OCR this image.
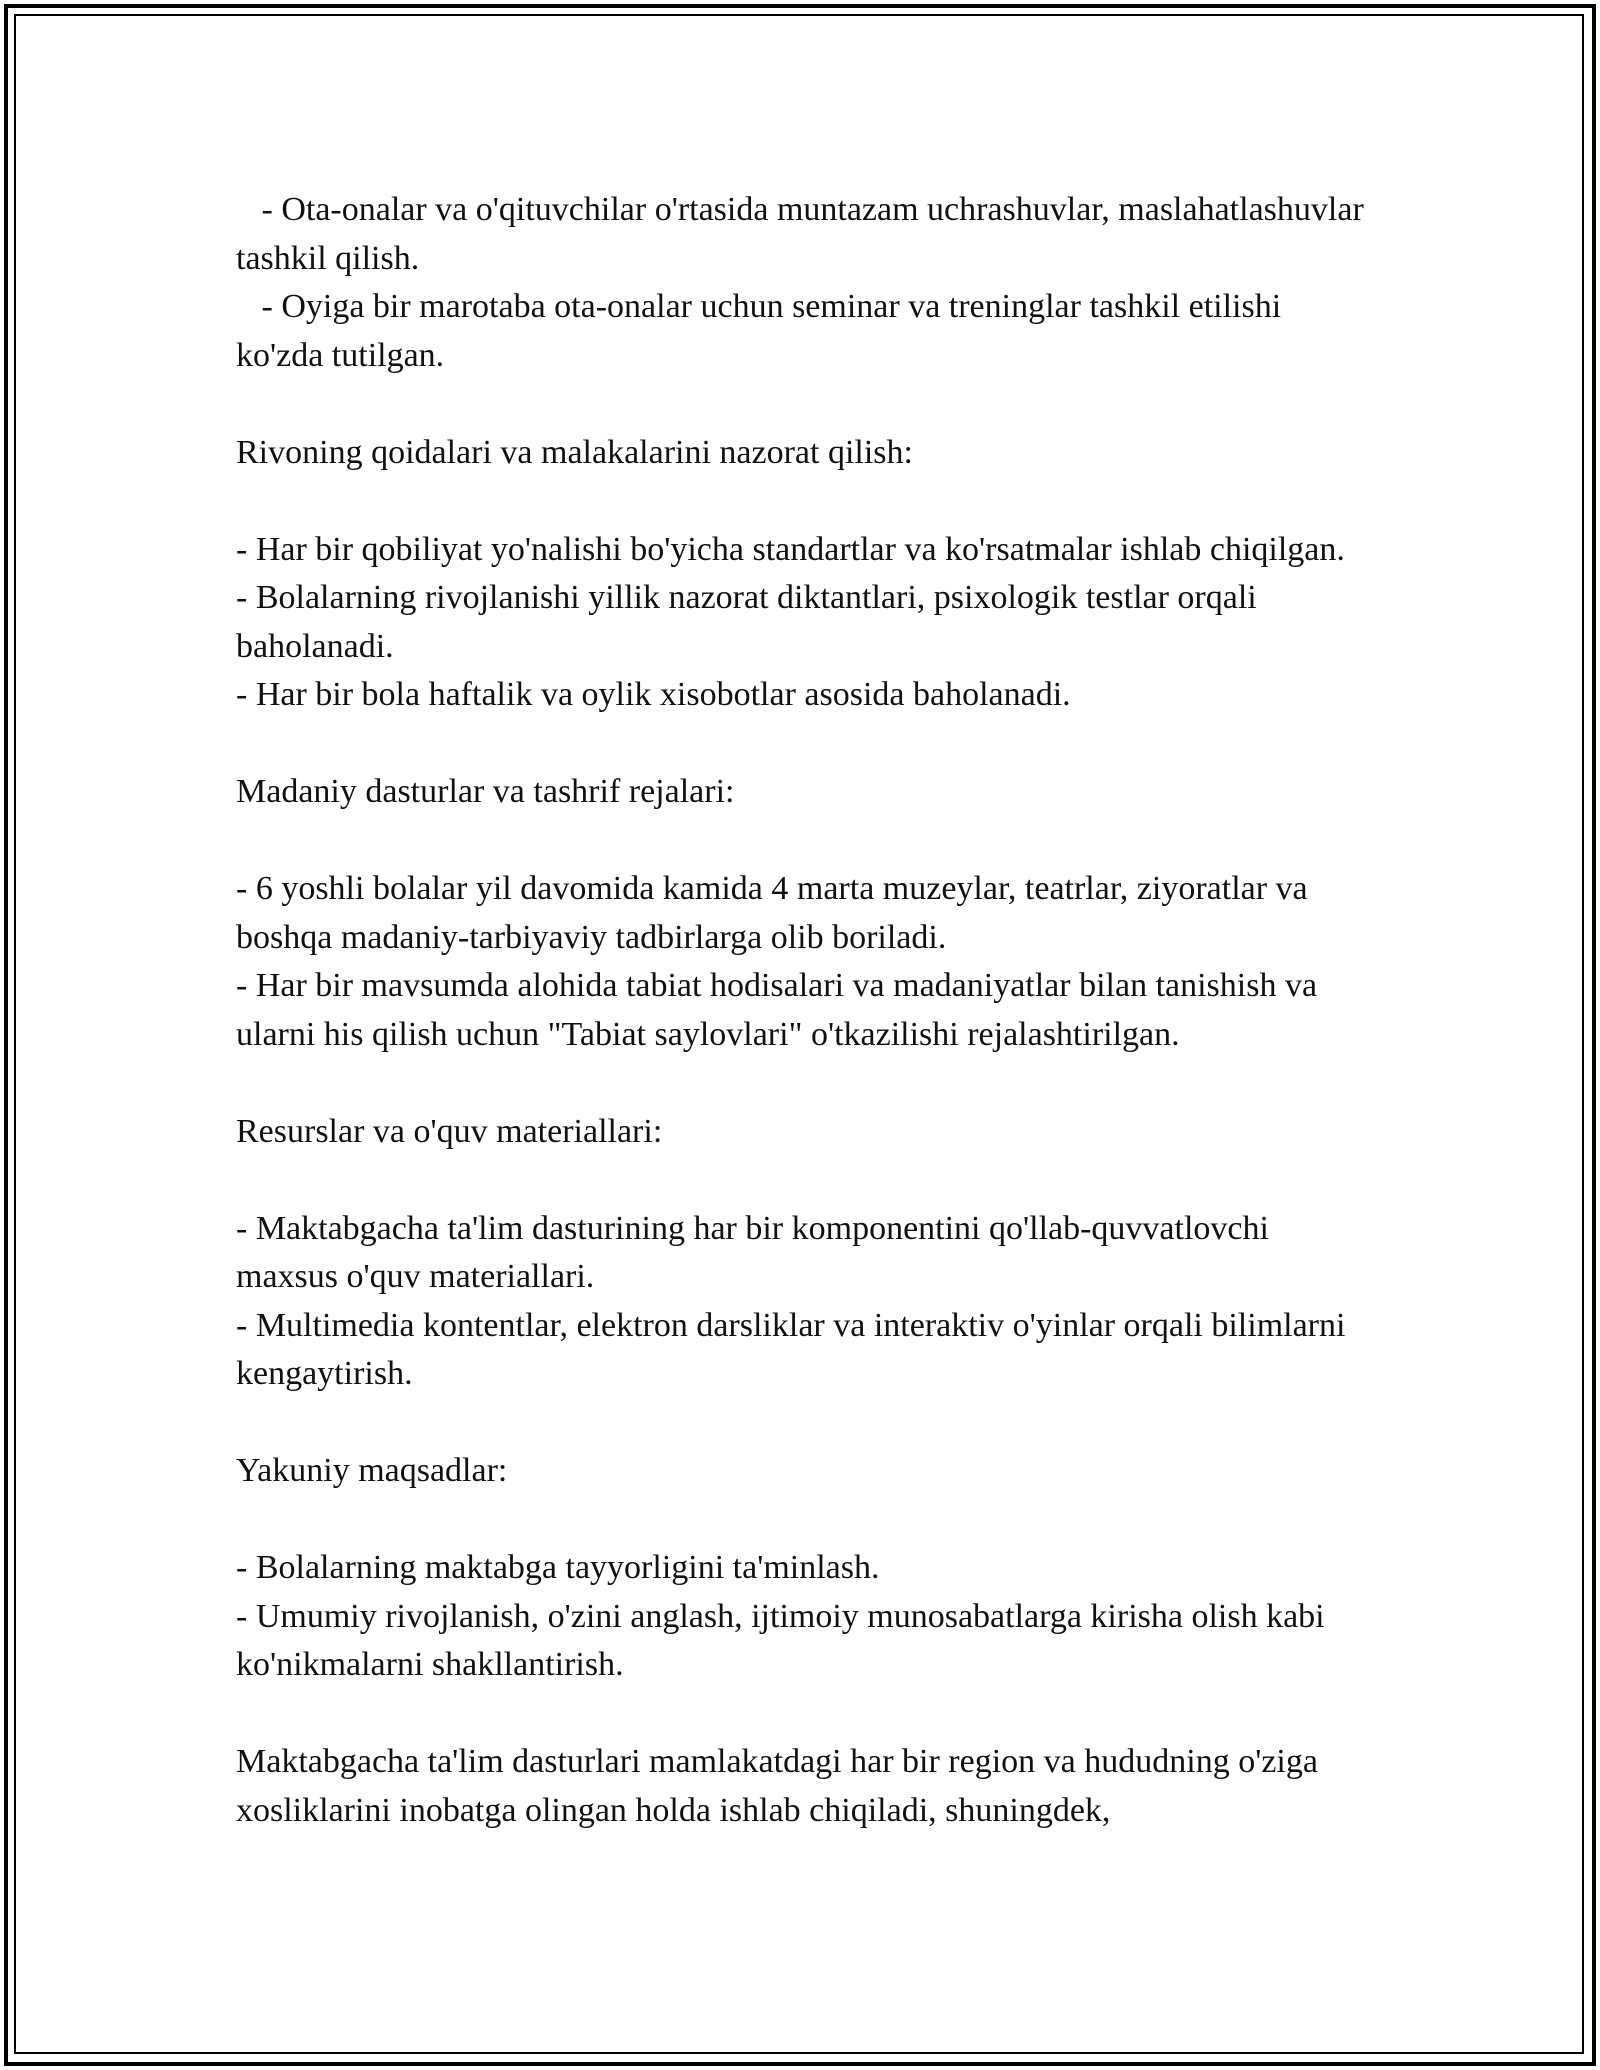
- Ota-onalar va o'qituvchilar o'rtasida muntazam uchrashuvlar, maslahatlashuvlar tashkil qilish.

- Oyiga bir marotaba ota-onalar uchun seminar va treninglar tashkil etilishi ko'zda tutilgan.

Rivoning qoidalari va malakalarini nazorat qilish:

- Har bir qobiliyat yo'nalishi bo'yicha standartlar va ko'rsatmalar ishlab chiqilgan.

- Bolalarning rivojlanishi yillik nazorat diktantlari, psixologik testlar orqali baholanadi.

- Har bir bola haftalik va oylik xisobotlar asosida baholanadi.

Madaniy dasturlar va tashrif rejalari:

- 6 yoshli bolalar yil davomida kamida 4 marta muzeylar, teatrlar, ziyoratlar va boshqa madaniy-tarbiyaviy tadbirlarga olib boriladi.

- Har bir mavsumda alohida tabiat hodisalari va madaniyatlar bilan tanishish va ularni his qilish uchun "Tabiat saylovlari" o'tkazilishi rejalashtirilgan.

Resurslar va o'quv materiallari:

- Maktabgacha ta'lim dasturining har bir komponentini qo'llab-quvvatlovchi maxsus o'quv materiallari.

- Multimedia kontentlar, elektron darsliklar va interaktiv o'yinlar orqali bilimlarni kengaytirish.

Yakuniy maqsadlar:

- Bolalarning maktabga tayyorligini ta'minlash.

- Umumiy rivojlanish, o'zini anglash, ijtimoiy munosabatlarga kirisha olish kabi ko'nikmalarni shakllantirish.

Maktabgacha ta'lim dasturlari mamlakatdagi har bir region va hududning o'ziga xosliklarini inobatga olingan holda ishlab chiqiladi, shuningdek,
